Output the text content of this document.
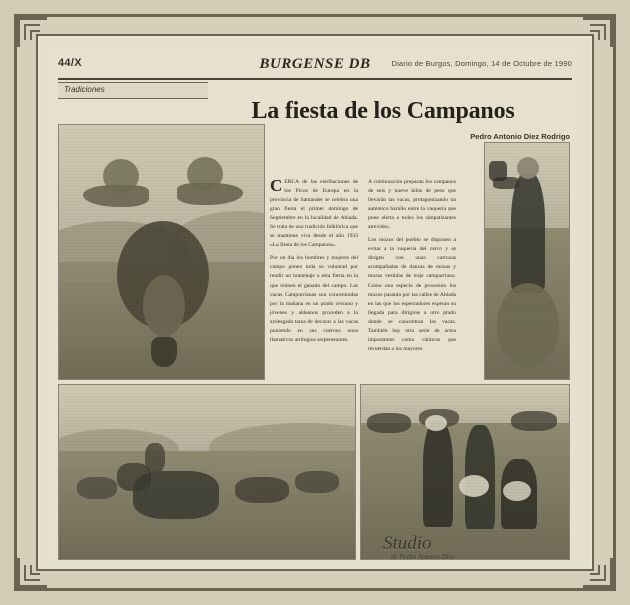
44/X	BURGENSE DB	Diario de Burgos, Domingo, 14 de Octubre de 1990
Tradiciones
La fiesta de los Campanos
Pedro Antonio Díez Rodrigo
Studio
de Pedro Antonio Díez

CERCA de las estribaciones de los Picos de Europa en la provincia de Santander se celebra una gran fiesta el primer domingo de Septiembre en la localidad de Abiada. Se trata de una tradición folklórica que se mantiene viva desde el año 1933 «La fiesta de los Campanos».

Por un día los hombres y mujeres del campo ponen toda su voluntad por rendir un homenaje a esta fiesta en la que reúnen el ganado del campo. Las vacas Campurrianas son concentradas por la mañana en un prado cercano y jóvenes y aldeanos proceden a la arriesgada tarea de decorar a las vacas poniendo en sus cuernos unos llamativos artilugios serpenteantes.

A continuación preparan los campanos de seis y nueve kilos de peso que llevarán las vacas, protagonizando un auténtico barullo entre la vaquería que pone alerta a todos los simpatizantes atrevidos.

Los mozos del pueblo se disponen a evitar a la vaquería del cerco y se dirigen con unas carrozas acompañadas de danzas de mozas y mozas vestidas de traje campurriano. Como una especie de procesión los mozos pasarán por las calles de Abiada en las que los espectadores esperan su llegada para dirigirse a otro prado donde se concentran las vacas. También hay otra serie de actos importantes como cánticos que recuerdan a los mayores.
